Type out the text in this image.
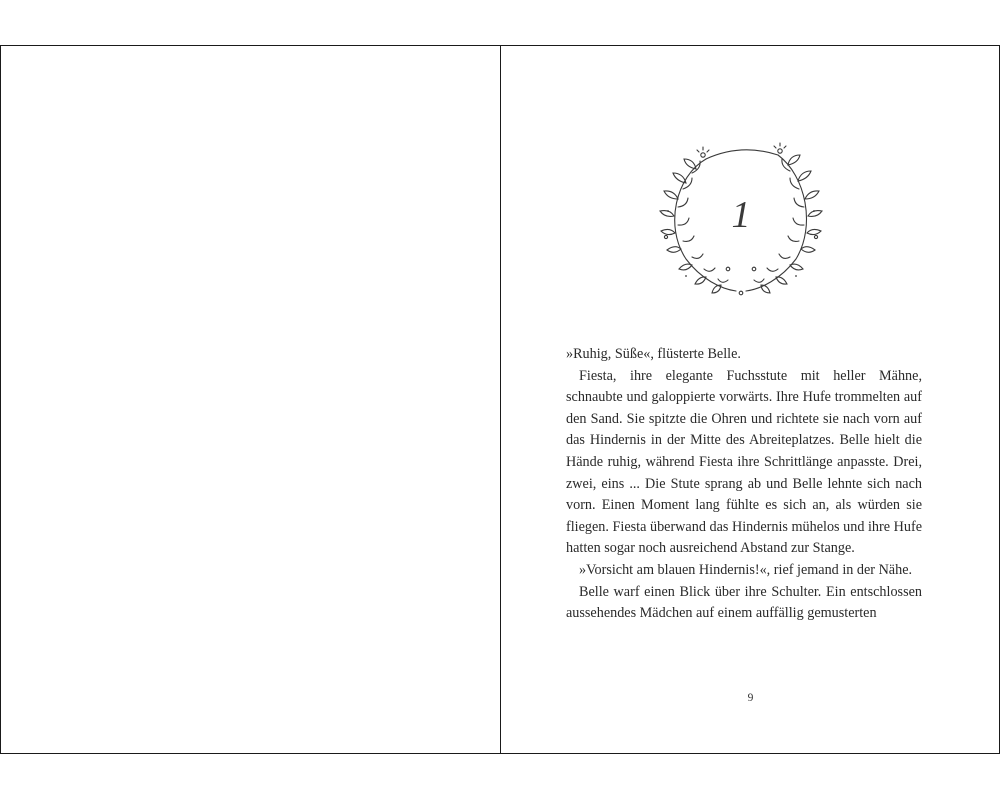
1

»Ruhig, Süße«, flüsterte Belle.

Fiesta, ihre elegante Fuchsstute mit heller Mähne, schnaubte und galoppierte vorwärts. Ihre Hufe trommelten auf den Sand. Sie spitzte die Ohren und richtete sie nach vorn auf das Hindernis in der Mitte des Abreiteplatzes. Belle hielt die Hände ruhig, während Fiesta ihre Schrittlänge anpasste. Drei, zwei, eins ... Die Stute sprang ab und Belle lehnte sich nach vorn. Einen Moment lang fühlte es sich an, als würden sie fliegen. Fiesta überwand das Hindernis mühelos und ihre Hufe hatten sogar noch ausreichend Abstand zur Stange.

»Vorsicht am blauen Hindernis!«, rief jemand in der Nähe.

Belle warf einen Blick über ihre Schulter. Ein entschlossen aussehendes Mädchen auf einem auffällig gemusterten

9
